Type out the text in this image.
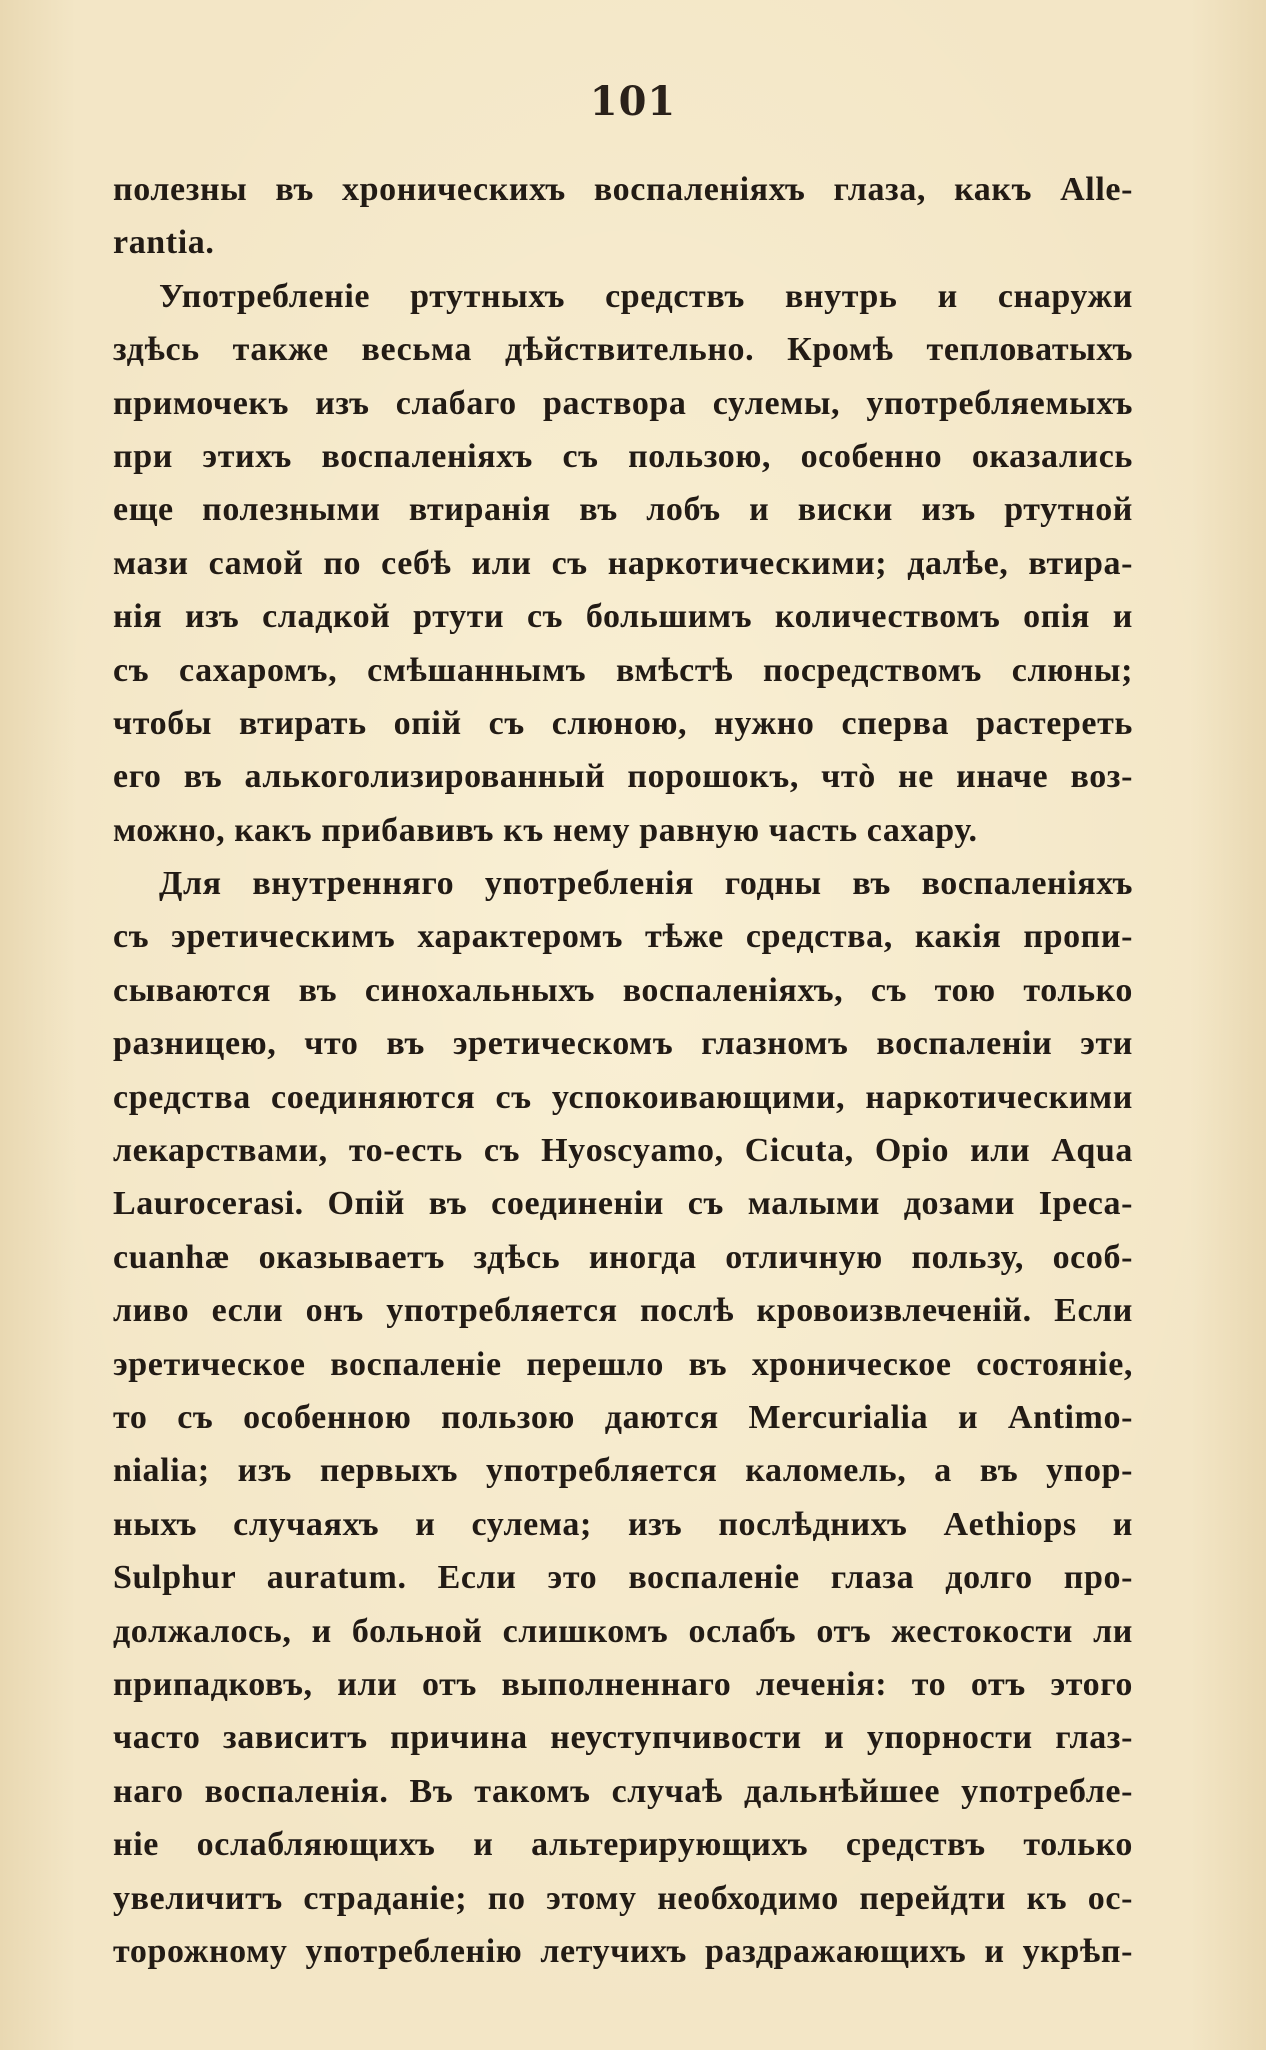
101
полезны въ хроническихъ воспаленіяхъ глаза, какъ Alle-
rantia.
Употребленіе ртутныхъ средствъ внутрь и снаружи
здѣсь также весьма дѣйствительно. Кромѣ тепловатыхъ
примочекъ изъ слабаго раствора сулемы, употребляемыхъ
при этихъ воспаленіяхъ съ пользою, особенно оказались
еще полезными втиранія въ лобъ и виски изъ ртутной
мази самой по себѣ или съ наркотическими; далѣе, втира-
нія изъ сладкой ртути съ большимъ количествомъ опія и
съ сахаромъ, смѣшаннымъ вмѣстѣ посредствомъ слюны;
чтобы втирать опій съ слюною, нужно сперва растереть
его въ алькоголизированный порошокъ, чтò не иначе воз-
можно, какъ прибавивъ къ нему равную часть сахару.
Для внутренняго употребленія годны въ воспаленіяхъ
съ эретическимъ характеромъ тѣже средства, какія пропи-
сываются въ синохальныхъ воспаленіяхъ, съ тою только
разницею, что въ эретическомъ глазномъ воспаленіи эти
средства соединяются съ успокоивающими, наркотическими
лекарствами, то-есть съ Hyoscyamo, Cicuta, Opio или Aqua
Laurocerasi. Опій въ соединеніи съ малыми дозами Ipeca-
cuanhæ оказываетъ здѣсь иногда отличную пользу, особ-
ливо если онъ употребляется послѣ кровоизвлеченій. Если
эретическое воспаленіе перешло въ хроническое состояніе,
то съ особенною пользою даются Mercurialia и Antimo-
nialia; изъ первыхъ употребляется каломель, а въ упор-
ныхъ случаяхъ и сулема; изъ послѣднихъ Aethiops и
Sulphur auratum. Если это воспаленіе глаза долго про-
должалось, и больной слишкомъ ослабъ отъ жестокости ли
припадковъ, или отъ выполненнаго леченія: то отъ этого
часто зависитъ причина неуступчивости и упорности глаз-
наго воспаленія. Въ такомъ случаѣ дальнѣйшее употребле-
ніе ослабляющихъ и альтерирующихъ средствъ только
увеличитъ страданіе; по этому необходимо перейдти къ ос-
торожному употребленію летучихъ раздражающихъ и укрѣп-
